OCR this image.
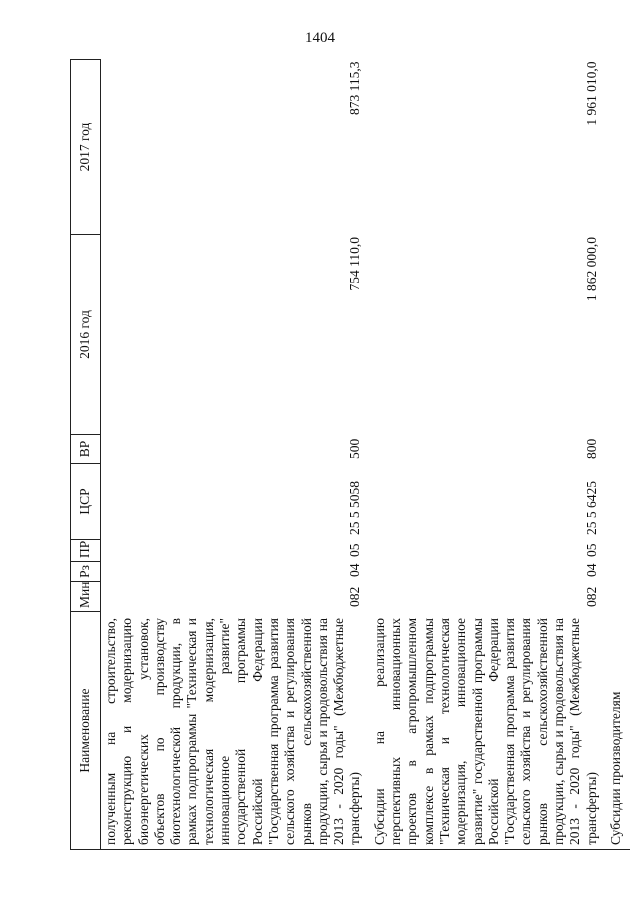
1404
Наименование	Мин	Рз	ПР	ЦСР	ВР	2016 год	2017 год
полученным на строительство, реконструкцию и модернизацию биоэнергетических установок, объектов по производству биотехнологической продукции, в рамках подпрограммы "Техническая и технологическая модернизация, инновационное развитие" государственной программы Российской Федерации "Государственная программа развития сельского хозяйства и регулирования рынков сельскохозяйственной продукции, сырья и продовольствия на 2013 - 2020 годы" (Межбюджетные трансферты)	082	04	05	25 5 5058	500	754 110,0	873 115,3
Субсидии на реализацию перспективных инновационных проектов в агропромышленном комплексе в рамках подпрограммы "Техническая и технологическая модернизация, инновационное развитие" государственной программы Российской Федерации "Государственная программа развития сельского хозяйства и регулирования рынков сельскохозяйственной продукции, сырья и продовольствия на 2013 - 2020 годы" (Межбюджетные трансферты)	082	04	05	25 5 6425	800	1 862 000,0	1 961 010,0
Субсидии производителям							
